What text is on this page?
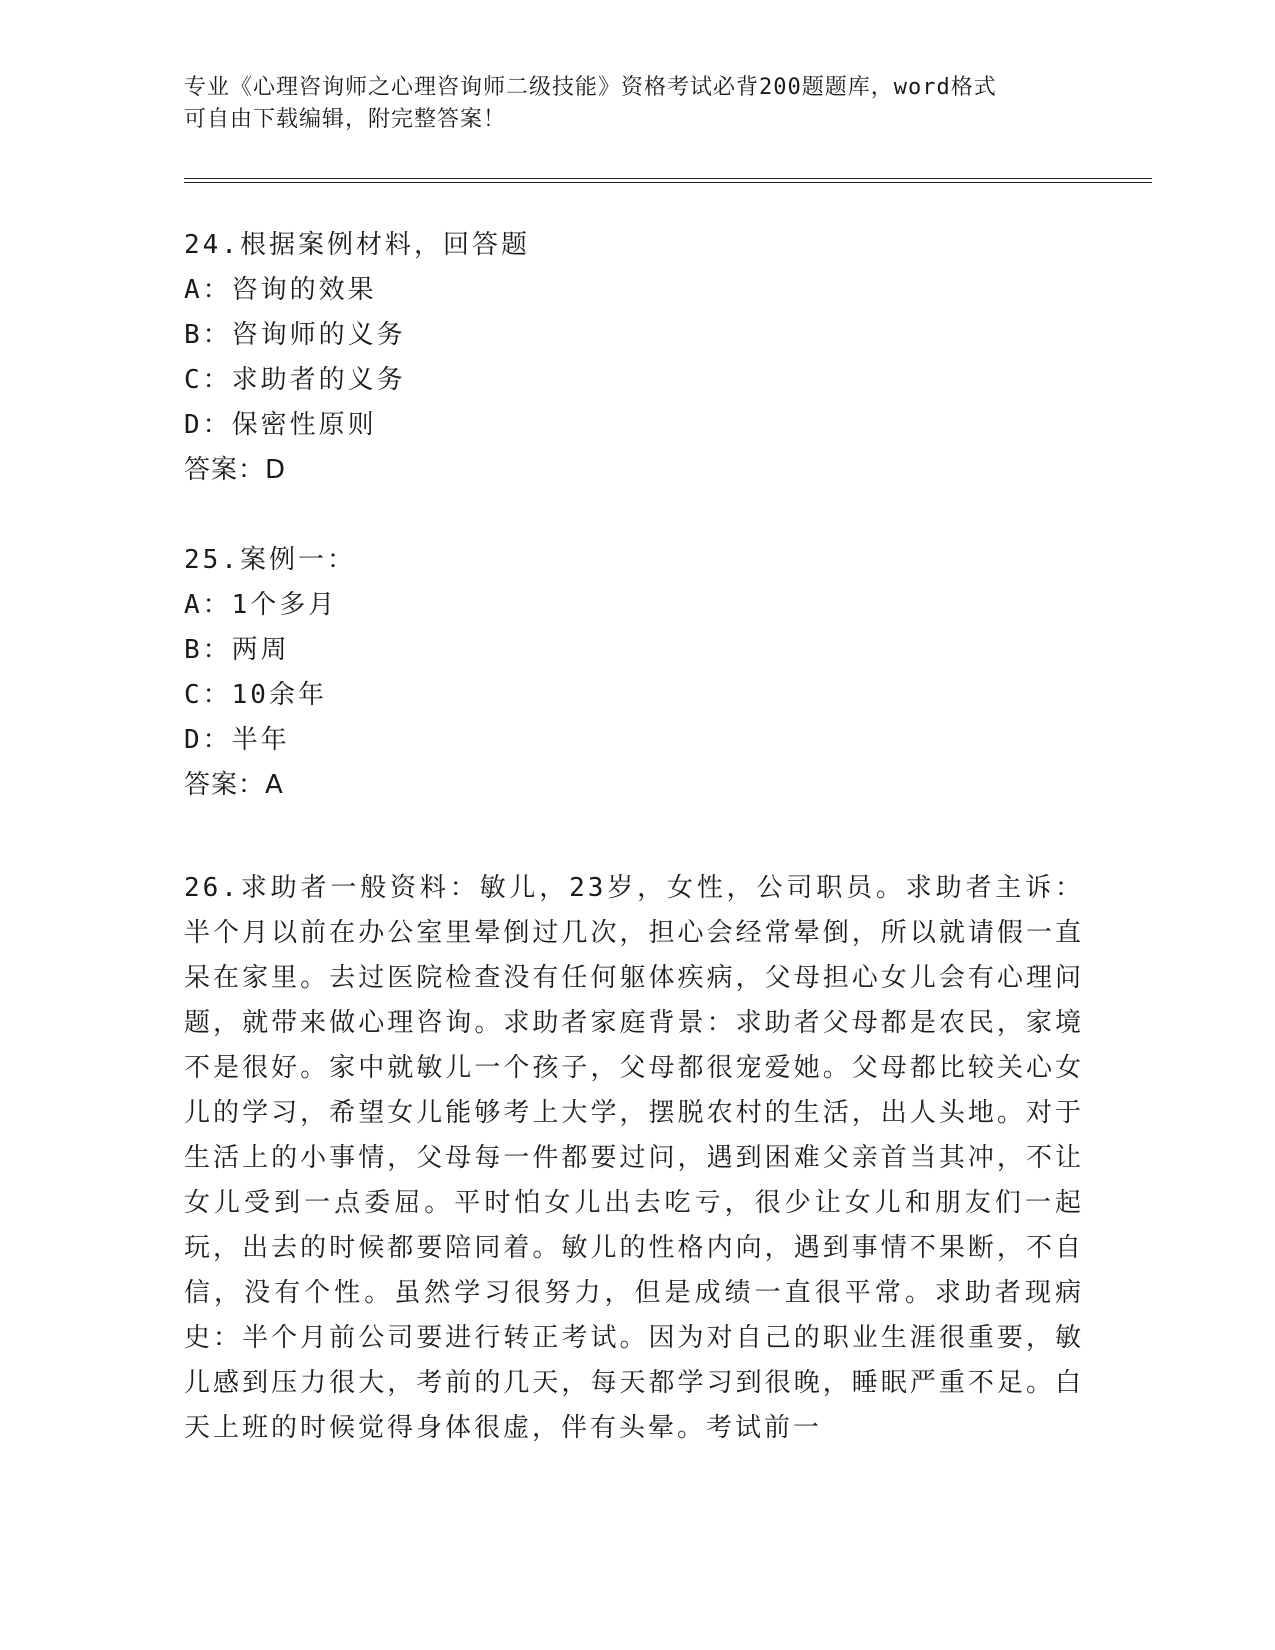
专业《心理咨询师之心理咨询师二级技能》资格考试必背200题题库，word格式
可自由下载编辑，附完整答案！
24.根据案例材料，回答题
A：咨询的效果
B：咨询师的义务
C：求助者的义务
D：保密性原则
答案：D
25.案例一：
A：1个多月
B：两周
C：10余年
D：半年
答案：A
26.求助者一般资料：敏儿，23岁，女性，公司职员。求助者主诉：半个月以前在办公室里晕倒过几次，担心会经常晕倒，所以就请假一直呆在家里。去过医院检查没有任何躯体疾病，父母担心女儿会有心理问题，就带来做心理咨询。求助者家庭背景：求助者父母都是农民，家境不是很好。家中就敏儿一个孩子，父母都很宠爱她。父母都比较关心女儿的学习，希望女儿能够考上大学，摆脱农村的生活，出人头地。对于生活上的小事情，父母每一件都要过问，遇到困难父亲首当其冲，不让女儿受到一点委屈。平时怕女儿出去吃亏，很少让女儿和朋友们一起玩，出去的时候都要陪同着。敏儿的性格内向，遇到事情不果断，不自信，没有个性。虽然学习很努力，但是成绩一直很平常。求助者现病史：半个月前公司要进行转正考试。因为对自己的职业生涯很重要，敏儿感到压力很大，考前的几天，每天都学习到很晚，睡眠严重不足。白天上班的时候觉得身体很虚，伴有头晕。考试前一
